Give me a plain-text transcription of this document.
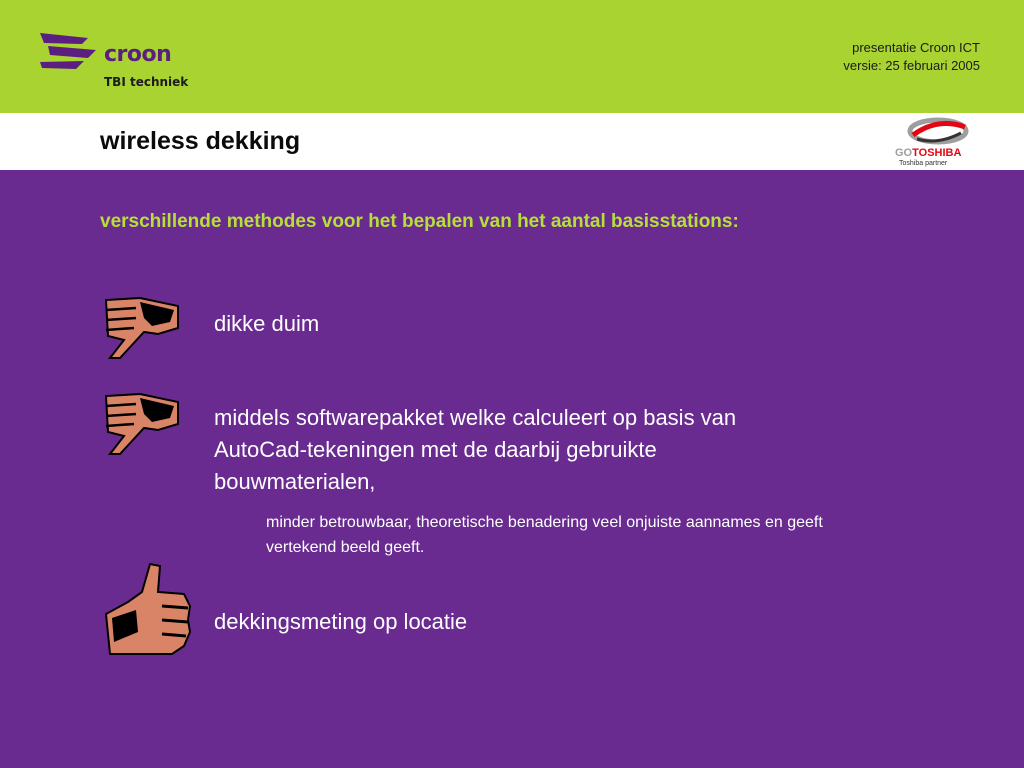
croon
TBI techniek
presentatie Croon ICT
versie: 25 februari 2005
wireless dekking	GOTOSHIBA
Toshiba partner
verschillende methodes voor het bepalen van het aantal basisstations:
dikke duim
middels softwarepakket welke calculeert op basis van AutoCad-tekeningen met de daarbij gebruikte bouwmaterialen,
minder betrouwbaar, theoretische benadering veel onjuiste aannames en geeft vertekend beeld geeft.
dekkingsmeting op locatie
